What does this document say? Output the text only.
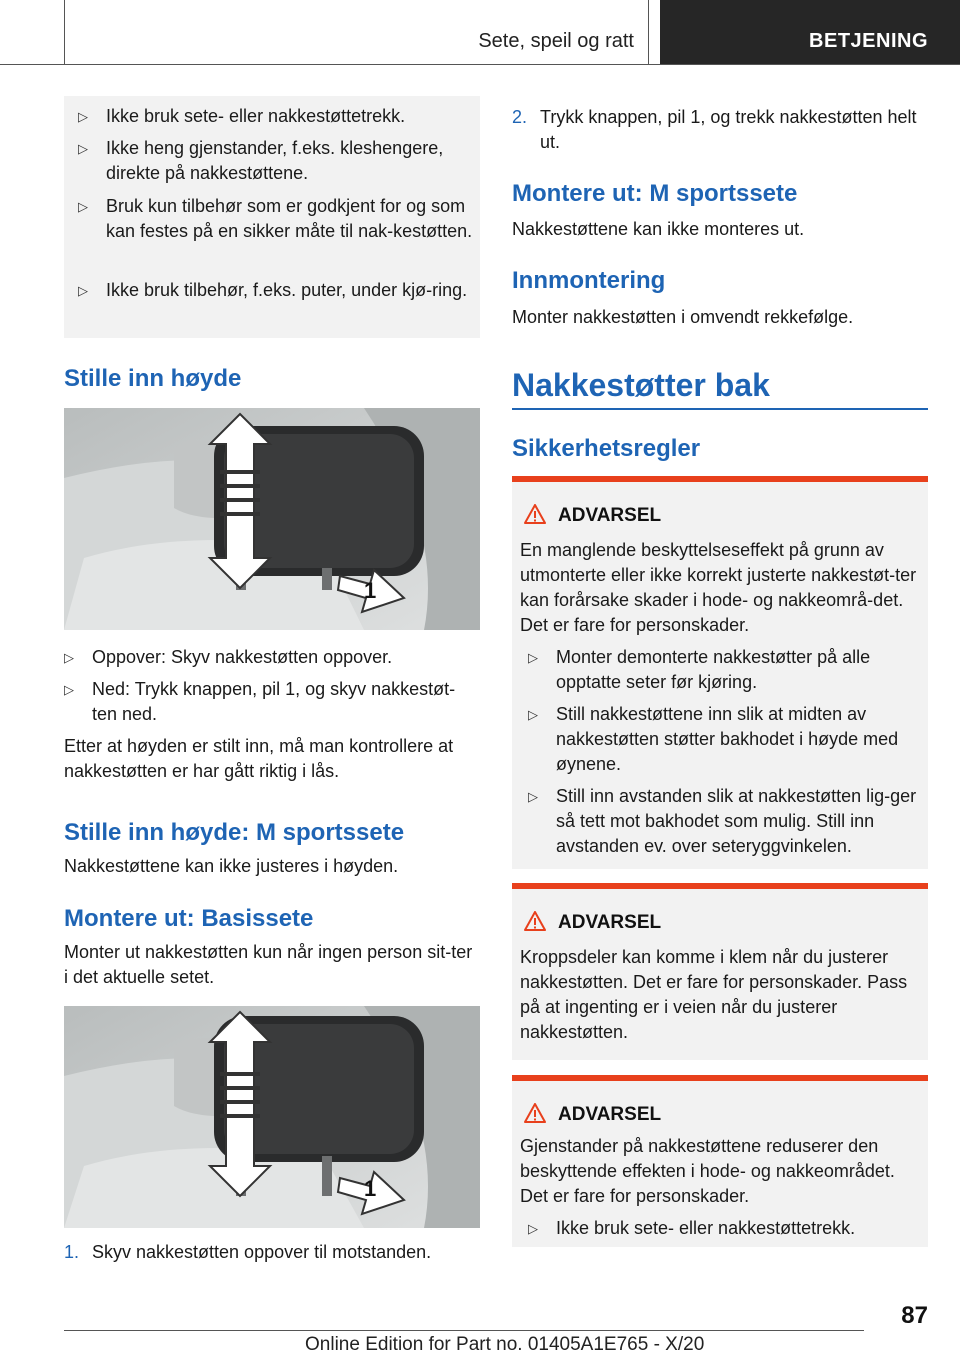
Sete, speil og ratt	BETJENING
▷	Ikke bruk sete- eller nakkestøttetrekk.
▷	Ikke heng gjenstander, f.eks. kleshengere, direkte på nakkestøttene.
▷	Bruk kun tilbehør som er godkjent for og som kan festes på en sikker måte til nak-kestøtten.
▷	Ikke bruk tilbehør, f.eks. puter, under kjø-ring.
Stille inn høyde
1
▷	Oppover: Skyv nakkestøtten oppover.
▷	Ned: Trykk knappen, pil 1, og skyv nakkestøt-ten ned.
Etter at høyden er stilt inn, må man kontrollere at nakkestøtten er har gått riktig i lås.
Stille inn høyde: M sportssete
Nakkestøttene kan ikke justeres i høyden.
Montere ut: Basissete
Monter ut nakkestøtten kun når ingen person sit-ter i det aktuelle setet.
1
1. Skyv nakkestøtten oppover til motstanden.
2. Trykk knappen, pil 1, og trekk nakkestøtten helt ut.
Montere ut: M sportssete
Nakkestøttene kan ikke monteres ut.
Innmontering
Monter nakkestøtten i omvendt rekkefølge.
Nakkestøtter bak
Sikkerhetsregler
ADVARSEL
En manglende beskyttelseseffekt på grunn av utmonterte eller ikke korrekt justerte nakkestøt-ter kan forårsake skader i hode- og nakkeområ-det. Det er fare for personskader.
▷	Monter demonterte nakkestøtter på alle opptatte seter før kjøring.
▷	Still nakkestøttene inn slik at midten av nakkestøtten støtter bakhodet i høyde med øynene.
▷	Still inn avstanden slik at nakkestøtten lig-ger så tett mot bakhodet som mulig. Still inn avstanden ev. over seteryggvinkelen.
ADVARSEL
Kroppsdeler kan komme i klem når du justerer nakkestøtten. Det er fare for personskader. Pass på at ingenting er i veien når du justerer nakkestøtten.
ADVARSEL
Gjenstander på nakkestøttene reduserer den beskyttende effekten i hode- og nakkeområdet. Det er fare for personskader.
▷	Ikke bruk sete- eller nakkestøttetrekk.
87
Online Edition for Part no. 01405A1E765 - X/20
